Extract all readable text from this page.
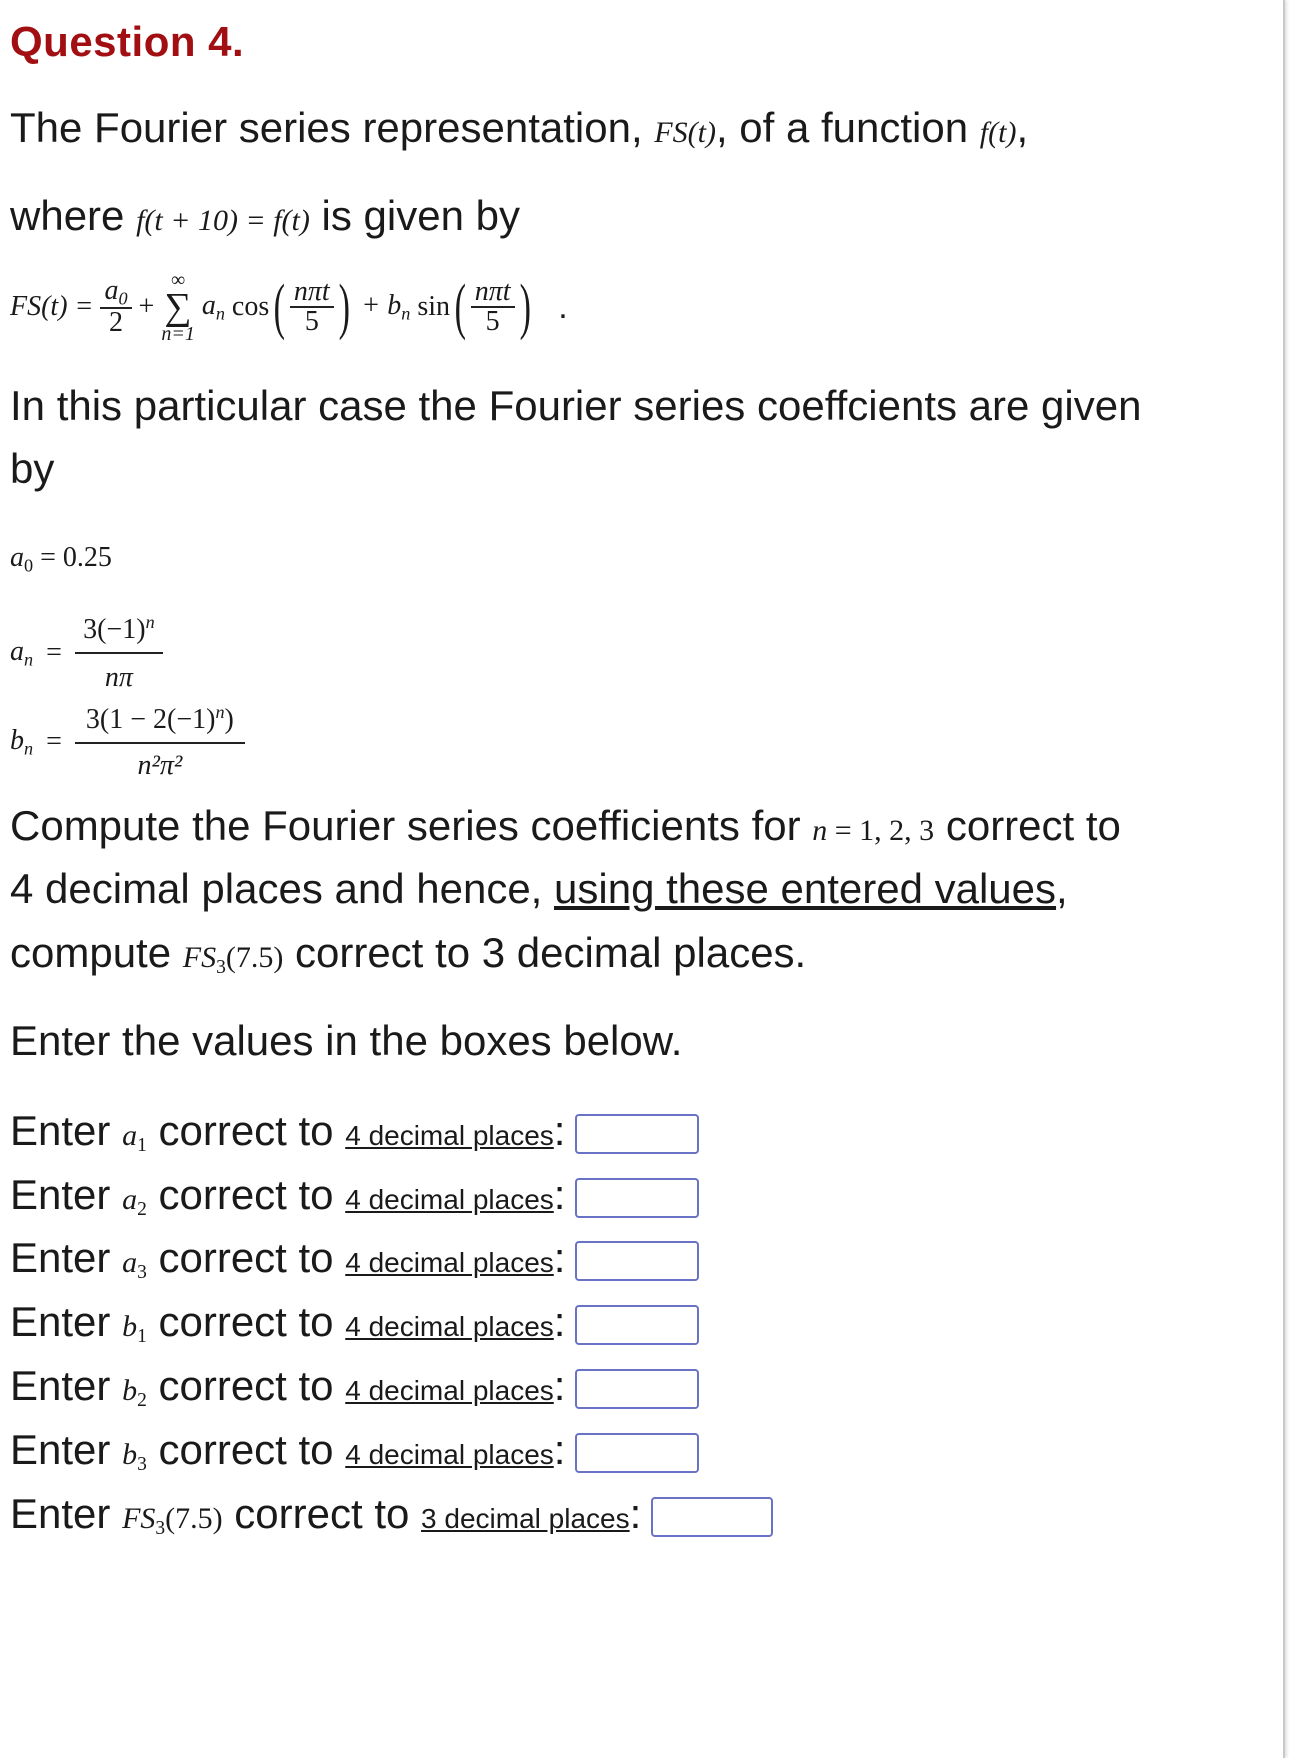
Question 4.
The Fourier series representation, FS(t), of a function f(t),
where f(t + 10) = f(t) is given by
$FS(t) = \frac{a0}{2}$ +
∞
∑
n=1
an $\cos( \frac{\text{nπt}}{5}$ ) + bn $\sin( \frac{\text{nπt}}{5}$ ) .
In this particular case the Fourier series coeffcients are given
by
a0 = 0.25
an = $\frac{3(-1)^n}{n\pi}$
bn = $\frac{3(1 - 2(-1)^n)}{\text{n²π²}}$
Compute the Fourier series coefficients for n = 1, 2, 3 correct to
4 decimal places and hence, using these entered values,
compute FS3(7.5) correct to 3 decimal places.
Enter the values in the boxes below.
Enter a1 correct to 4 decimal places:
Enter a2 correct to 4 decimal places:
Enter a3 correct to 4 decimal places:
Enter b1 correct to 4 decimal places:
Enter b2 correct to 4 decimal places:
Enter b3 correct to 4 decimal places:
Enter FS3(7.5) correct to 3 decimal places:
